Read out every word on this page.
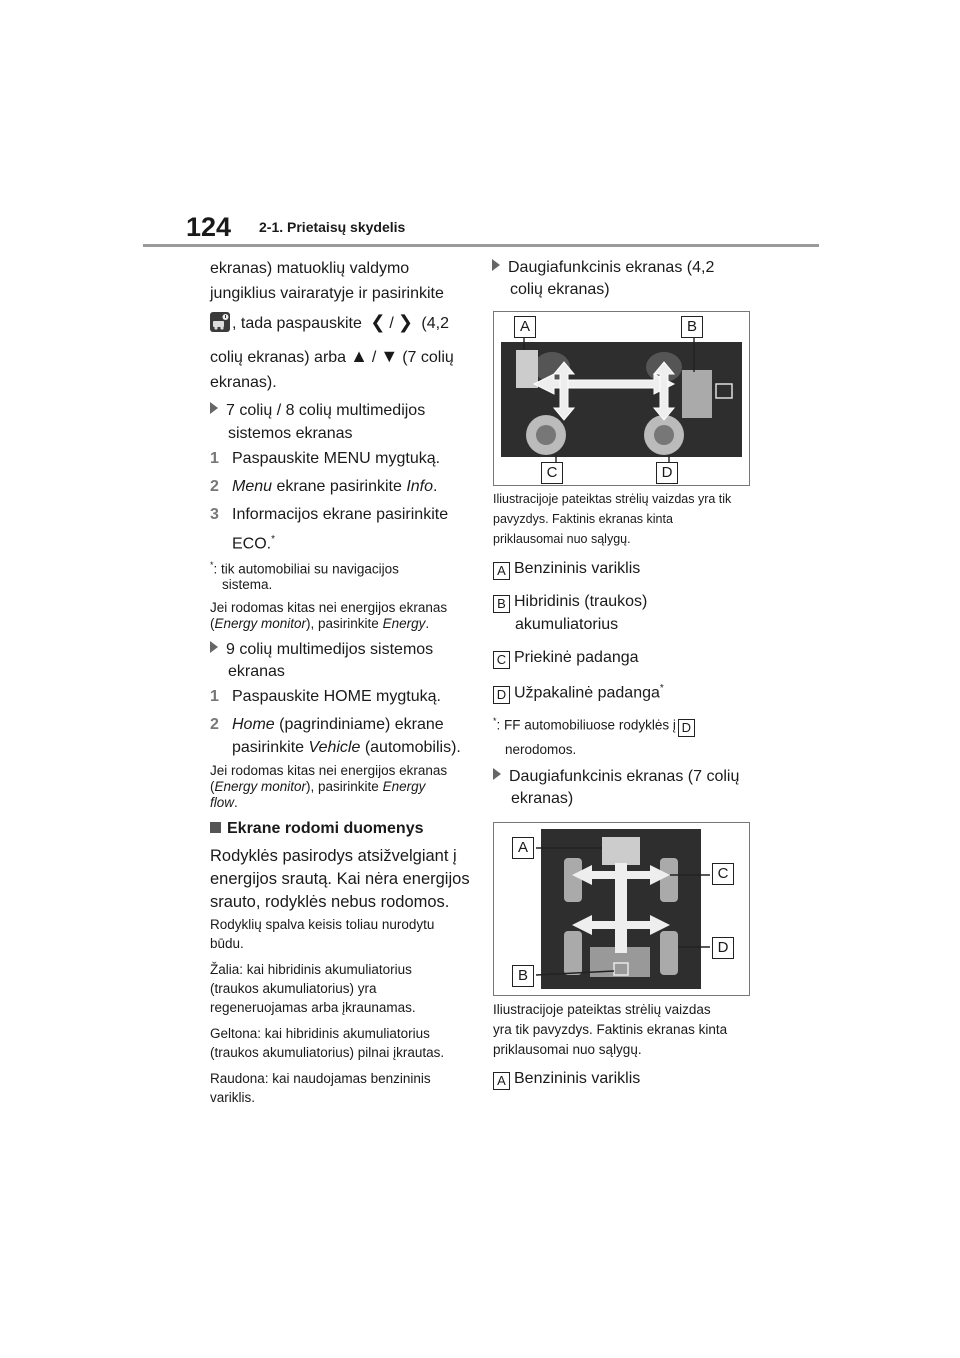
124 2-1. Prietaisų skydelis

ekranas) matuoklių valdymo

jungiklius vairaratyje ir pasirinkite

, tada paspauskite ❮ / ❯ (4,2

colių ekranas) arba ▲ / ▼ (7 colių

ekranas).

7 colių / 8 colių multimedijos

sistemos ekranas

1 Paspauskite MENU mygtuką.

2 Menu ekrane pasirinkite Info.

3 Informacijos ekrane pasirinkite

ECO.*

*: tik automobiliai su navigacijos

sistema.

Jei rodomas kitas nei energijos ekranas

(Energy monitor), pasirinkite Energy.

9 colių multimedijos sistemos

ekranas

1 Paspauskite HOME mygtuką.

2 Home (pagrindiniame) ekrane

pasirinkite Vehicle (automobilis).

Jei rodomas kitas nei energijos ekranas

(Energy monitor), pasirinkite Energy

flow.

Ekrane rodomi duomenys

Rodyklės pasirodys atsižvelgiant į

energijos srautą. Kai nėra energijos

srauto, rodyklės nebus rodomos.

Rodyklių spalva keisis toliau nurodytu

būdu.

Žalia: kai hibridinis akumuliatorius

(traukos akumuliatorius) yra

regeneruojamas arba įkraunamas.

Geltona: kai hibridinis akumuliatorius

(traukos akumuliatorius) pilnai įkrautas.

Raudona: kai naudojamas benzininis

variklis.

Daugiafunkcinis ekranas (4,2

colių ekranas)

A	B
C	D

Iliustracijoje pateiktas strėlių vaizdas yra tik

pavyzdys. Faktinis ekranas kinta

priklausomai nuo sąlygų.

A Benzininis variklis

B Hibridinis (traukos)

akumuliatorius

C Priekinė padanga

D Užpakalinė padanga*

*: FF automobiliuose rodyklės į D

nerodomos.

Daugiafunkcinis ekranas (7 colių

ekranas)

A
C
D
B

Iliustracijoje pateiktas strėlių vaizdas

yra tik pavyzdys. Faktinis ekranas kinta

priklausomai nuo sąlygų.

A Benzininis variklis
